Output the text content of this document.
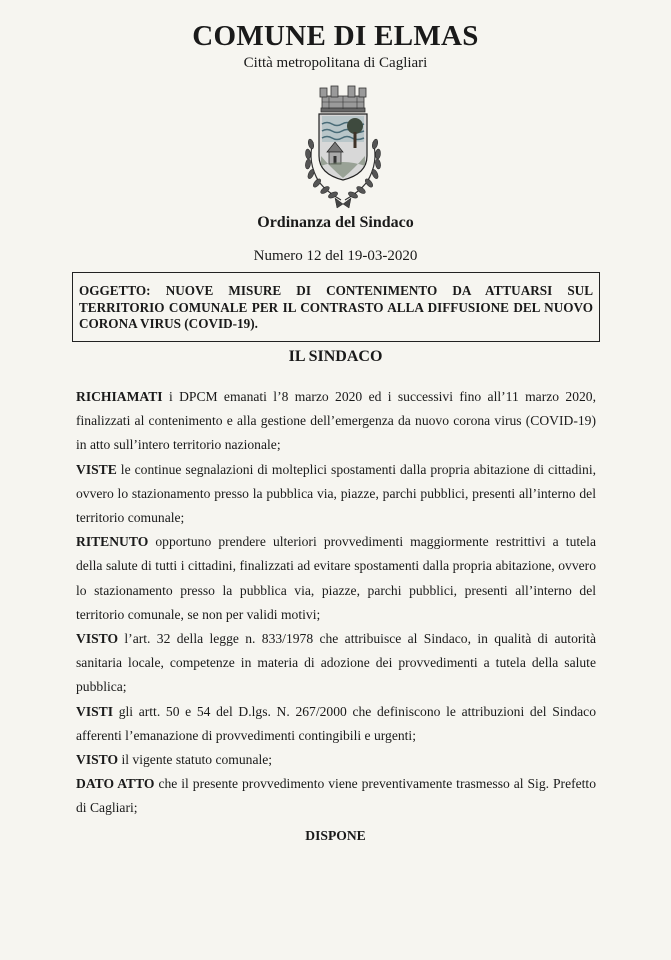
COMUNE DI ELMAS
Città metropolitana di Cagliari
Ordinanza del Sindaco
Numero 12 del 19-03-2020
OGGETTO: NUOVE MISURE DI CONTENIMENTO DA ATTUARSI SUL TERRITORIO COMUNALE PER IL CONTRASTO ALLA DIFFUSIONE DEL NUOVO CORONA VIRUS (COVID-19).
IL SINDACO

RICHIAMATI i DPCM emanati l’8 marzo 2020 ed i successivi fino all’11 marzo 2020, finalizzati al contenimento e alla gestione dell’emergenza da nuovo corona virus (COVID-19) in atto sull’intero territorio nazionale;

VISTE le continue segnalazioni di molteplici spostamenti dalla propria abitazione di cittadini, ovvero lo stazionamento presso la pubblica via, piazze, parchi pubblici, presenti all’interno del territorio comunale;

RITENUTO opportuno prendere ulteriori provvedimenti maggiormente restrittivi a tutela della salute di tutti i cittadini, finalizzati ad evitare spostamenti dalla propria abitazione, ovvero lo stazionamento presso la pubblica via, piazze, parchi pubblici, presenti all’interno del territorio comunale, se non per validi motivi;

VISTO l’art. 32 della legge n. 833/1978 che attribuisce al Sindaco, in qualità di autorità sanitaria locale, competenze in materia di adozione dei provvedimenti a tutela della salute pubblica;

VISTI gli artt. 50 e 54 del D.lgs. N. 267/2000 che definiscono le attribuzioni del Sindaco afferenti l’emanazione di provvedimenti contingibili e urgenti;

VISTO il vigente statuto comunale;

DATO ATTO che il presente provvedimento viene preventivamente trasmesso al Sig. Prefetto di Cagliari;

DISPONE
